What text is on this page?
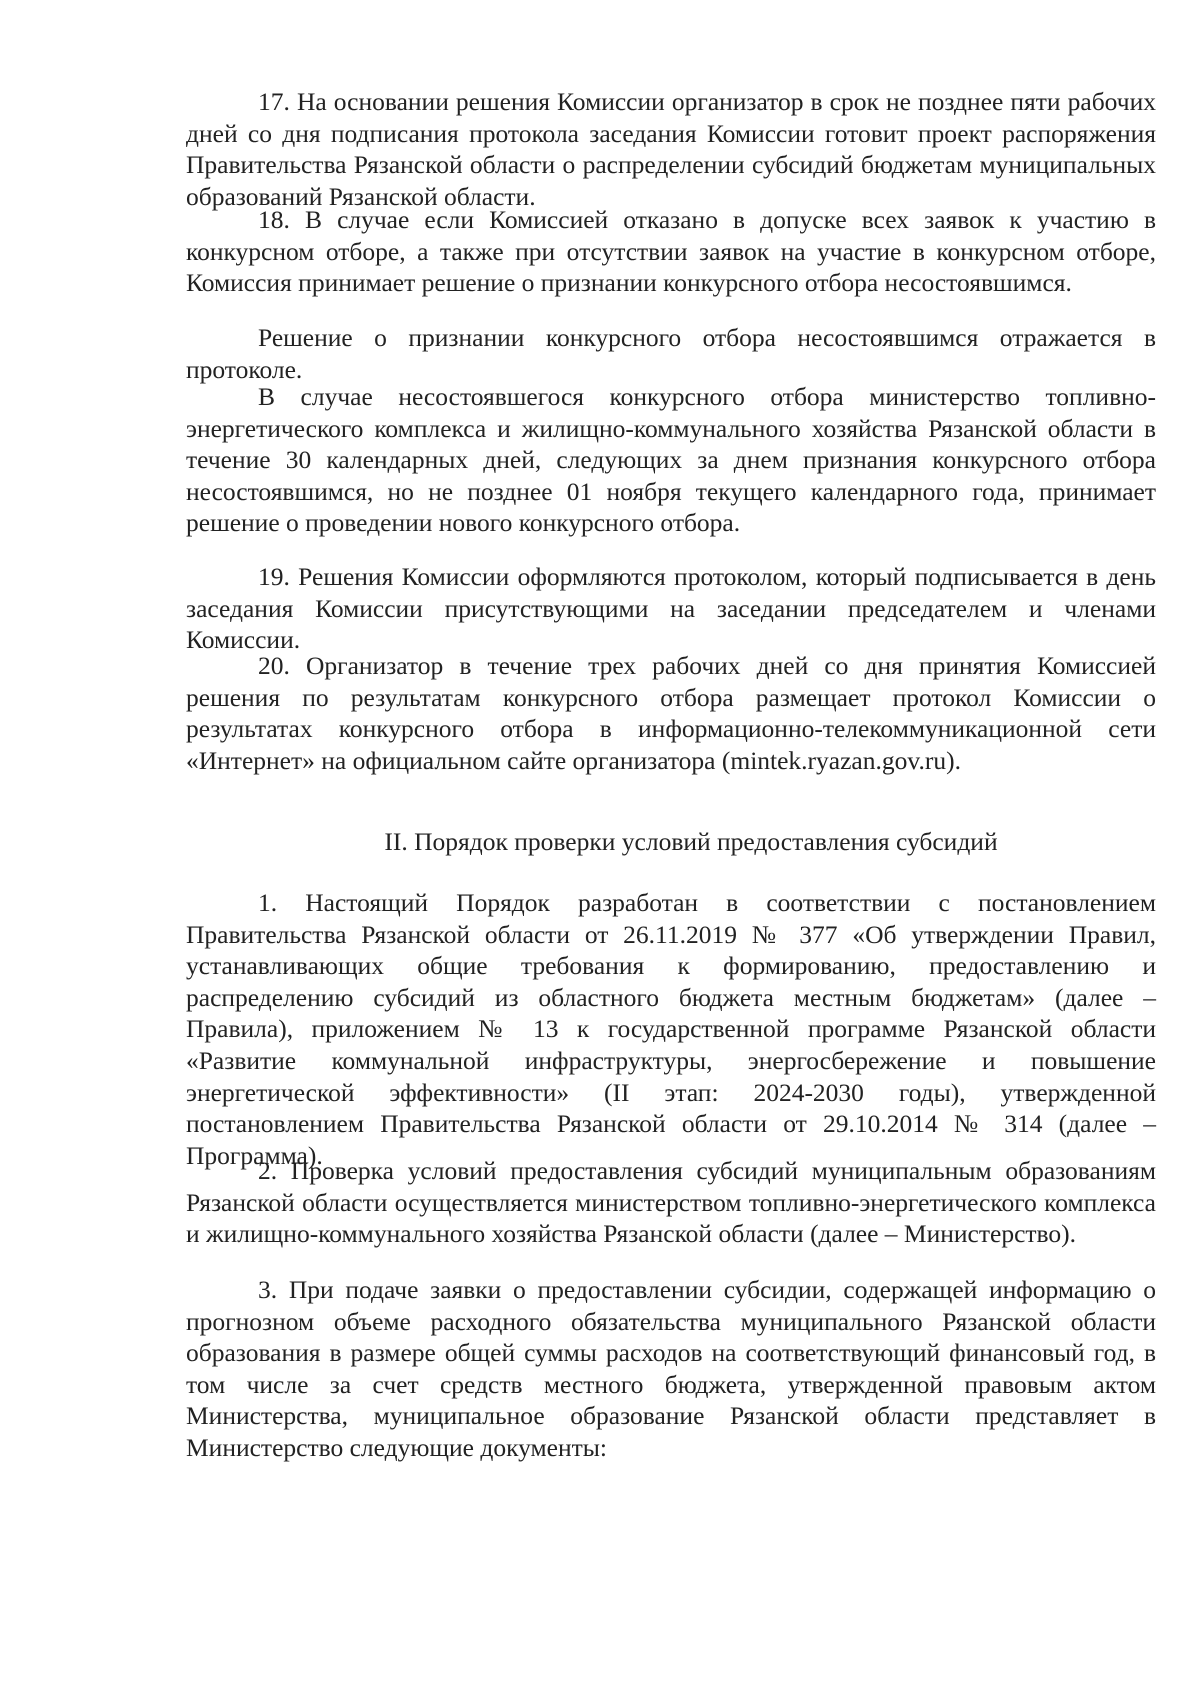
17. На основании решения Комиссии организатор в срок не позднее пяти рабочих дней со дня подписания протокола заседания Комиссии готовит проект распоряжения Правительства Рязанской области о распределении субсидий бюджетам муниципальных образований Рязанской области.

18. В случае если Комиссией отказано в допуске всех заявок к участию в конкурсном отборе, а также при отсутствии заявок на участие в конкурсном отборе, Комиссия принимает решение о признании конкурсного отбора несостоявшимся.

Решение о признании конкурсного отбора несостоявшимся отражается в протоколе.

В случае несостоявшегося конкурсного отбора министерство топливно-энергетического комплекса и жилищно-коммунального хозяйства Рязанской области в течение 30 календарных дней, следующих за днем признания конкурсного отбора несостоявшимся, но не позднее 01 ноября текущего календарного года, принимает решение о проведении нового конкурсного отбора.

19. Решения Комиссии оформляются протоколом, который подписывается в день заседания Комиссии присутствующими на заседании председателем и членами Комиссии.

20. Организатор в течение трех рабочих дней со дня принятия Комиссией решения по результатам конкурсного отбора размещает протокол Комиссии о результатах конкурсного отбора в информационно-телекоммуникационной сети «Интернет» на официальном сайте организатора (mintek.ryazan.gov.ru).

II. Порядок проверки условий предоставления субсидий

1. Настоящий Порядок разработан в соответствии с постановлением Правительства Рязанской области от 26.11.2019 № 377 «Об утверждении Правил, устанавливающих общие требования к формированию, предоставлению и распределению субсидий из областного бюджета местным бюджетам» (далее – Правила), приложением № 13 к государственной программе Рязанской области «Развитие коммунальной инфраструктуры, энергосбережение и повышение энергетической эффективности» (II этап: 2024-2030 годы), утвержденной постановлением Правительства Рязанской области от 29.10.2014 № 314 (далее – Программа).

2. Проверка условий предоставления субсидий муниципальным образованиям Рязанской области осуществляется министерством топливно-энергетического комплекса и жилищно-коммунального хозяйства Рязанской области (далее – Министерство).

3. При подаче заявки о предоставлении субсидии, содержащей информацию о прогнозном объеме расходного обязательства муниципального Рязанской области образования в размере общей суммы расходов на соответствующий финансовый год, в том числе за счет средств местного бюджета, утвержденной правовым актом Министерства, муниципальное образование Рязанской области представляет в Министерство следующие документы:
